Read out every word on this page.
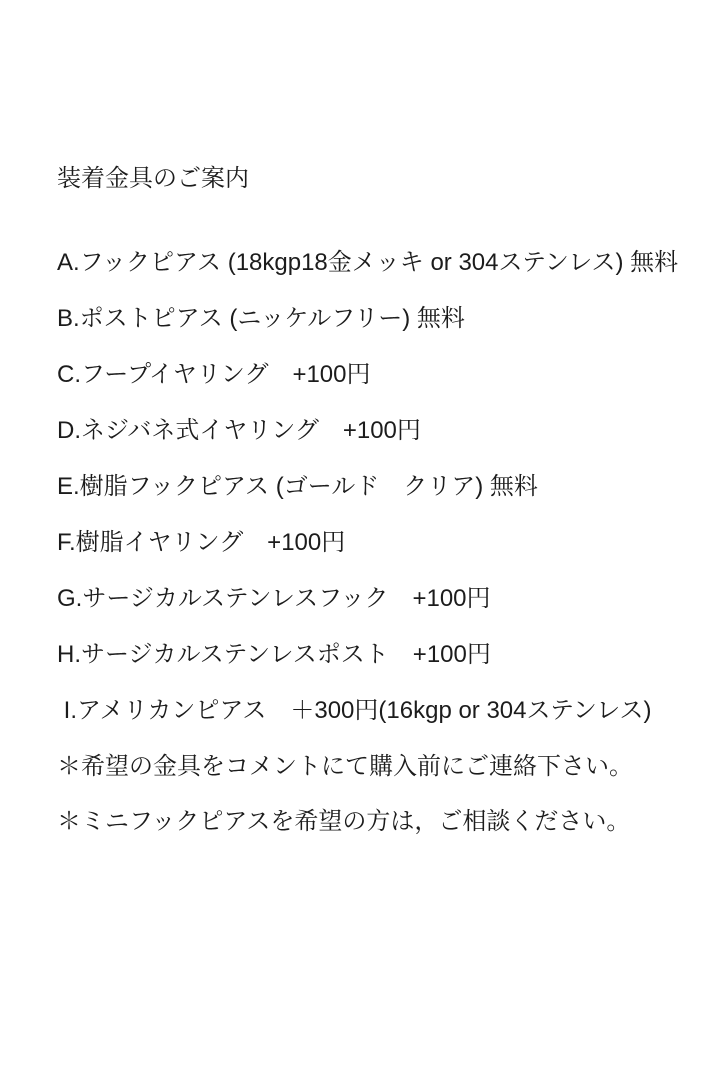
装着金具のご案内
A.フックピアス (18kgp18金メッキ or 304ステンレス) 無料
B.ポストピアス (ニッケルフリー) 無料
C.フープイヤリング　+100円
D.ネジバネ式イヤリング　+100円
E.樹脂フックピアス (ゴールド　クリア) 無料
F.樹脂イヤリング　+100円
G.サージカルステンレスフック　+100円
H.サージカルステンレスポスト　+100円
I.アメリカンピアス　＋300円(16kgp or 304ステンレス)
＊希望の金具をコメントにて購入前にご連絡下さい。
＊ミニフックピアスを希望の方は，ご相談ください。
